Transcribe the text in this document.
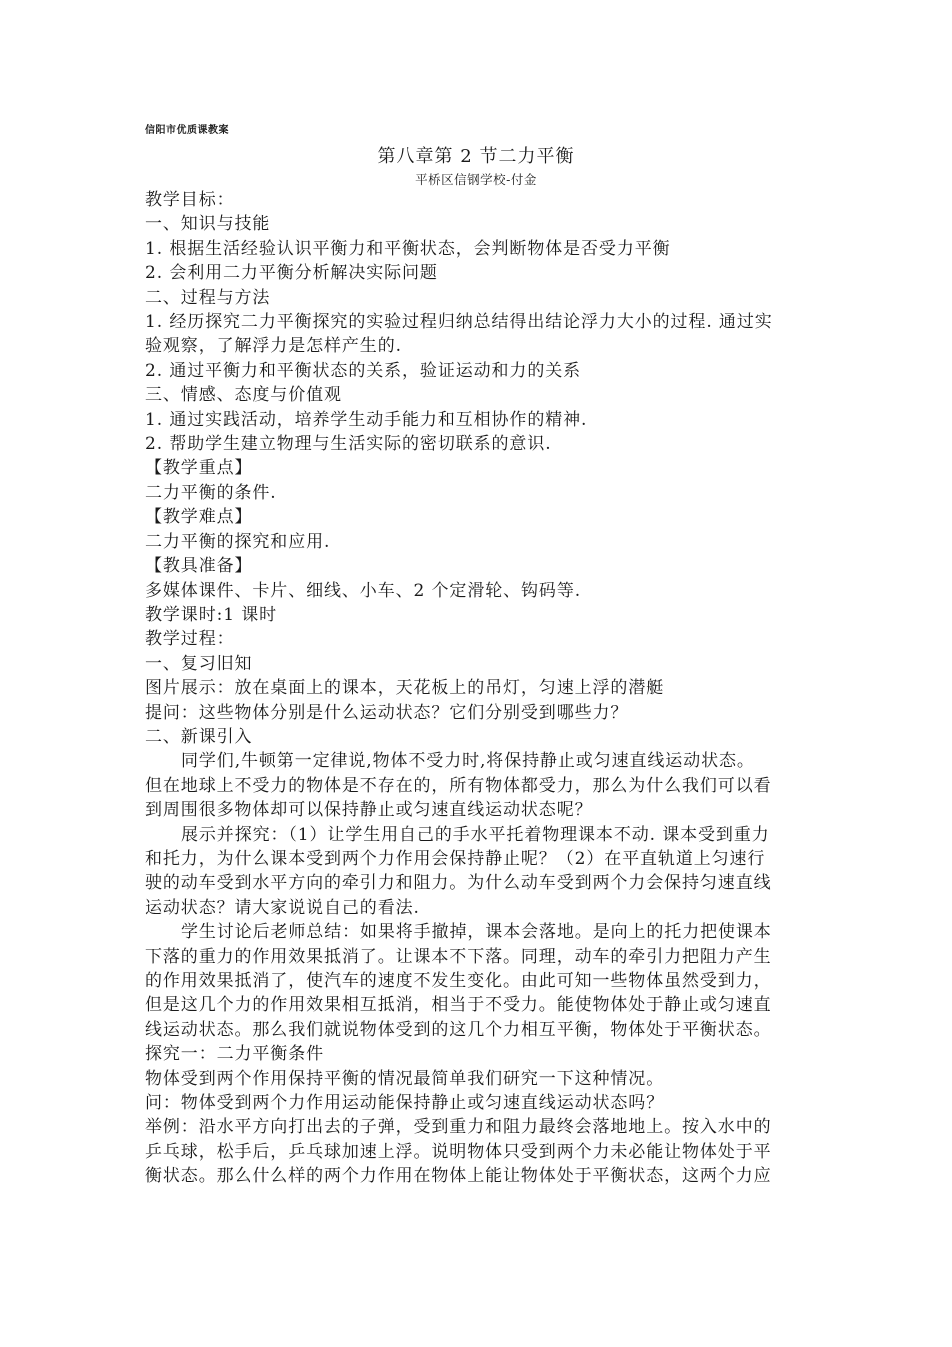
信阳市优质课教案
第八章第 2 节二力平衡
平桥区信钢学校-付金

教学目标：

一、知识与技能

1. 根据生活经验认识平衡力和平衡状态，会判断物体是否受力平衡

2. 会利用二力平衡分析解决实际问题

二、过程与方法

1. 经历探究二力平衡探究的实验过程归纳总结得出结论浮力大小的过程. 通过实

验观察，了解浮力是怎样产生的.

2. 通过平衡力和平衡状态的关系，验证运动和力的关系

三、情感、态度与价值观

1. 通过实践活动，培养学生动手能力和互相协作的精神.

2. 帮助学生建立物理与生活实际的密切联系的意识.

【教学重点】

二力平衡的条件.

【教学难点】

二力平衡的探究和应用.

【教具准备】

多媒体课件、卡片、细线、小车、2 个定滑轮、钩码等.

教学课时:1 课时

教学过程：

一、复习旧知

图片展示：放在桌面上的课本，天花板上的吊灯，匀速上浮的潜艇

提问：这些物体分别是什么运动状态？它们分别受到哪些力？

二、新课引入

同学们,牛顿第一定律说,物体不受力时,将保持静止或匀速直线运动状态。

但在地球上不受力的物体是不存在的，所有物体都受力，那么为什么我们可以看

到周围很多物体却可以保持静止或匀速直线运动状态呢？

展示并探究：（1）让学生用自己的手水平托着物理课本不动. 课本受到重力

和托力，为什么课本受到两个力作用会保持静止呢？（2）在平直轨道上匀速行

驶的动车受到水平方向的牵引力和阻力。为什么动车受到两个力会保持匀速直线

运动状态？请大家说说自己的看法.

学生讨论后老师总结：如果将手撤掉，课本会落地。是向上的托力把使课本

下落的重力的作用效果抵消了。让课本不下落。同理，动车的牵引力把阻力产生

的作用效果抵消了，使汽车的速度不发生变化。由此可知一些物体虽然受到力，

但是这几个力的作用效果相互抵消，相当于不受力。能使物体处于静止或匀速直

线运动状态。那么我们就说物体受到的这几个力相互平衡，物体处于平衡状态。

探究一：二力平衡条件

物体受到两个作用保持平衡的情况最简单我们研究一下这种情况。

问：物体受到两个力作用运动能保持静止或匀速直线运动状态吗？

举例：沿水平方向打出去的子弹，受到重力和阻力最终会落地地上。按入水中的

乒乓球，松手后，乒乓球加速上浮。说明物体只受到两个力未必能让物体处于平

衡状态。那么什么样的两个力作用在物体上能让物体处于平衡状态，这两个力应
